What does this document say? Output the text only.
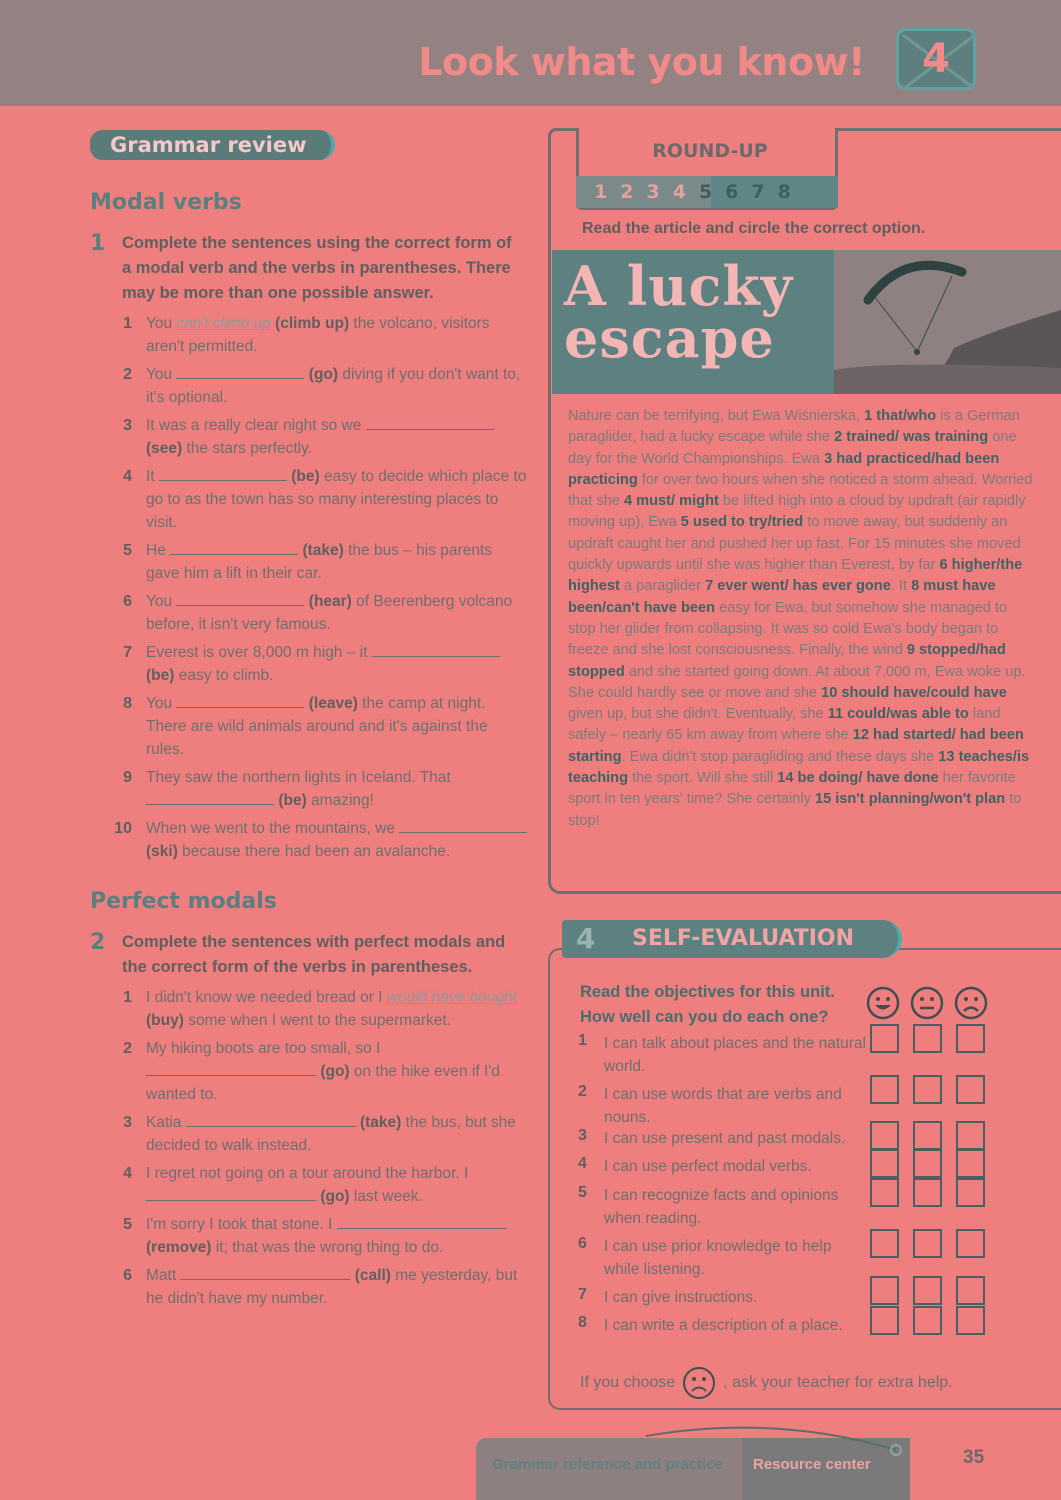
Look what you know! 4
Grammar review
Modal verbs
1	Complete the sentences using the correct form of a modal verb and the verbs in parentheses. There may be more than one possible answer.
1 You can't climb up (climb up) the volcano, visitors aren't permitted.
2 You	(go) diving if you don't want to, it's optional.
3 It was a really clear night so we  (see) the stars perfectly.
4 It	(be) easy to decide which place to go to as the town has so many interesting places to visit.
5 He	(take) the bus – his parents gave him a lift in their car.
6 You	(hear) of Beerenberg volcano before, it isn't very famous.
7 Everest is over 8,000 m high – it  (be) easy to climb.
8 You	(leave) the camp at night. There are wild animals around and it's against the rules.
9 They saw the northern lights in Iceland. That  (be) amazing!
10 When we went to the mountains, we  (ski) because there had been an avalanche.
Perfect modals
2	Complete the sentences with perfect modals and the correct form of the verbs in parentheses.
1 I didn't know we needed bread or I would have bought (buy) some when I went to the supermarket.
2 My hiking boots are too small, so I  (go) on the hike even if I'd wanted to.
3 Katia	(take) the bus, but she decided to walk instead.
4 I regret not going on a tour around the harbor. I  (go) last week.
5 I'm sorry I took that stone. I  (remove) it; that was the wrong thing to do.
6 Matt	(call) me yesterday, but he didn't have my number.
ROUND-UP
1 2 3 4 5 6 7 8
Read the article and circle the correct option.
A lucky
escape
Nature can be terrifying, but Ewa Wiśnierska, 1 that/who is a German paraglider, had a lucky escape while she 2 trained/ was training one day for the World Championships. Ewa 3 had practiced/had been practicing for over two hours when she noticed a storm ahead. Worried that she 4 must/ might be lifted high into a cloud by updraft (air rapidly moving up), Ewa 5 used to try/tried to move away, but suddenly an updraft caught her and pushed her up fast. For 15 minutes she moved quickly upwards until she was higher than Everest, by far 6 higher/the highest a paraglider 7 ever went/ has ever gone. It 8 must have been/can't have been easy for Ewa, but somehow she managed to stop her glider from collapsing. It was so cold Ewa's body began to freeze and she lost consciousness. Finally, the wind 9 stopped/had stopped and she started going down. At about 7,000 m, Ewa woke up. She could hardly see or move and she 10 should have/could have given up, but she didn't. Eventually, she 11 could/was able to land safely – nearly 65 km away from where she 12 had started/ had been starting. Ewa didn't stop paragliding and these days she 13 teaches/is teaching the sport. Will she still 14 be doing/ have done her favorite sport in ten years' time? She certainly 15 isn't planning/won't plan to stop!
4 SELF-EVALUATION
Read the objectives for this unit. How well can you do each one?
1	I can talk about places and the natural world.
2	I can use words that are verbs and nouns.
3	I can use present and past modals.
4	I can use perfect modal verbs.
5	I can recognize facts and opinions when reading.
6	I can use prior knowledge to help while listening.
7	I can give instructions.
8	I can write a description of a place.
If you choose	, ask your teacher for extra help.
Grammar reference and practice Resource center	35
